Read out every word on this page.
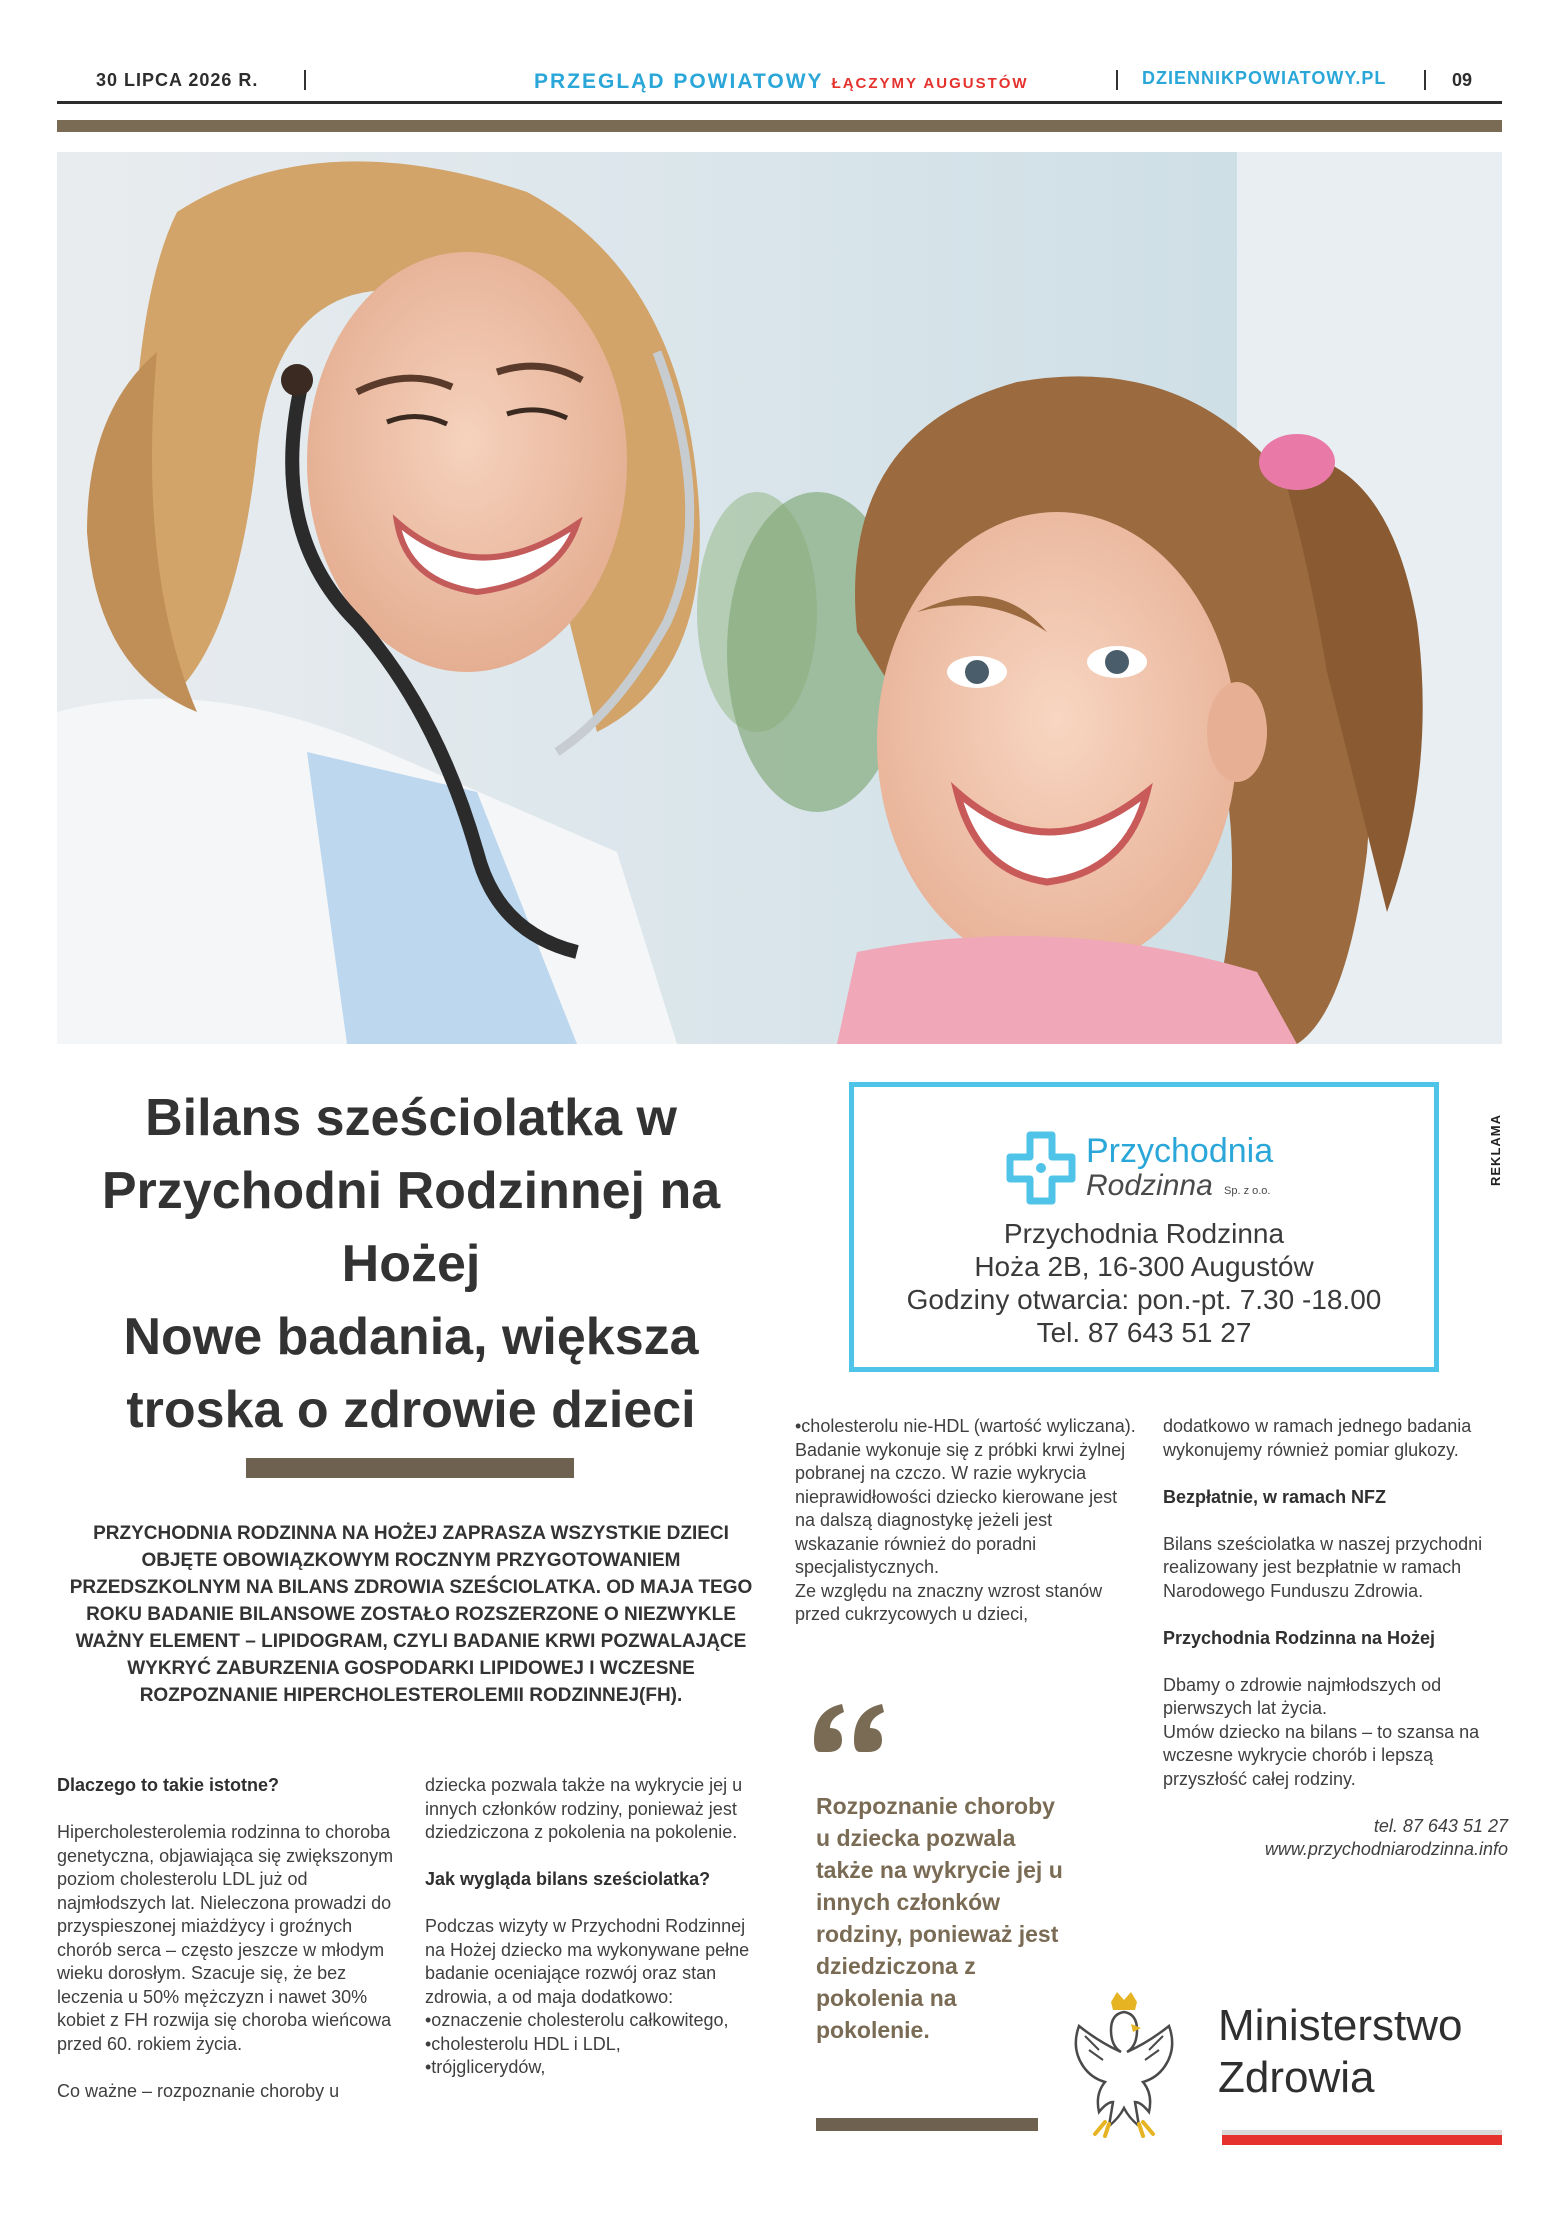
30 LIPCA 2026 R.	PRZEGLĄD POWIATOWY ŁĄCZYMY AUGUSTÓW	DZIENNIKPOWIATOWY.PL	09
Bilans sześciolatka w
Przychodni Rodzinnej na
Hożej
Nowe badania, większa
troska o zdrowie dzieci
PRZYCHODNIA RODZINNA NA HOŻEJ ZAPRASZA WSZYSTKIE DZIECI OBJĘTE OBOWIĄZKOWYM ROCZNYM PRZYGOTOWANIEM PRZEDSZKOLNYM NA BILANS ZDROWIA SZEŚCIOLATKA. OD MAJA TEGO ROKU BADANIE BILANSOWE ZOSTAŁO ROZSZERZONE O NIEZWYKLE WAŻNY ELEMENT – LIPIDOGRAM, CZYLI BADANIE KRWI POZWALAJĄCE WYKRYĆ ZABURZENIA GOSPODARKI LIPIDOWEJ I WCZESNE ROZPOZNANIE HIPERCHOLESTEROLEMII RODZINNEJ(FH).
Dlaczego to takie istotne?

Hipercholesterolemia rodzinna to choroba genetyczna, objawiająca się zwiększonym poziom cholesterolu LDL już od najmłodszych lat. Nieleczona prowadzi do przyspieszonej miażdżycy i groźnych chorób serca – często jeszcze w młodym wieku dorosłym. Szacuje się, że bez leczenia u 50% mężczyzn i nawet 30% kobiet z FH rozwija się choroba wieńcowa przed 60. rokiem życia.

Co ważne – rozpoznanie choroby u

dziecka pozwala także na wykrycie jej u innych członków rodziny, ponieważ jest dziedziczona z pokolenia na pokolenie.

Jak wygląda bilans sześciolatka?

Podczas wizyty w Przychodni Rodzinnej na Hożej dziecko ma wykonywane pełne badanie oceniające rozwój oraz stan zdrowia, a od maja dodatkowo:

•oznaczenie cholesterolu całkowitego,
•cholesterolu HDL i LDL,
•trójglicerydów,
•cholesterolu nie-HDL (wartość wyliczana).
Badanie wykonuje się z próbki krwi żylnej pobranej na czczo. W razie wykrycia nieprawidłowości dziecko kierowane jest na dalszą diagnostykę jeżeli jest wskazanie również do poradni specjalistycznych.
Ze względu na znaczny wzrost stanów przed cukrzycowych u dzieci,

dodatkowo w ramach jednego badania wykonujemy również pomiar glukozy.

Bezpłatnie, w ramach NFZ

Bilans sześciolatka w naszej przychodni realizowany jest bezpłatnie w ramach Narodowego Funduszu Zdrowia.

Przychodnia Rodzinna na Hożej
Dbamy o zdrowie najmłodszych od pierwszych lat życia.

Umów dziecko na bilans – to szansa na wczesne wykrycie chorób i lepszą przyszłość całej rodziny.

tel. 87 643 51 27
www.przychodniarodzinna.info
Przychodnia
Rodzinna Sp. z o.o.
Przychodnia Rodzinna
Hoża 2B, 16-300 Augustów
Godziny otwarcia: pon.-pt. 7.30 -18.00
Tel. 87 643 51 27
REKLAMA
Rozpoznanie choroby u dziecka pozwala także na wykrycie jej u innych członków rodziny, ponieważ jest dziedziczona z pokolenia na pokolenie.	Ministerstwo
Zdrowia
